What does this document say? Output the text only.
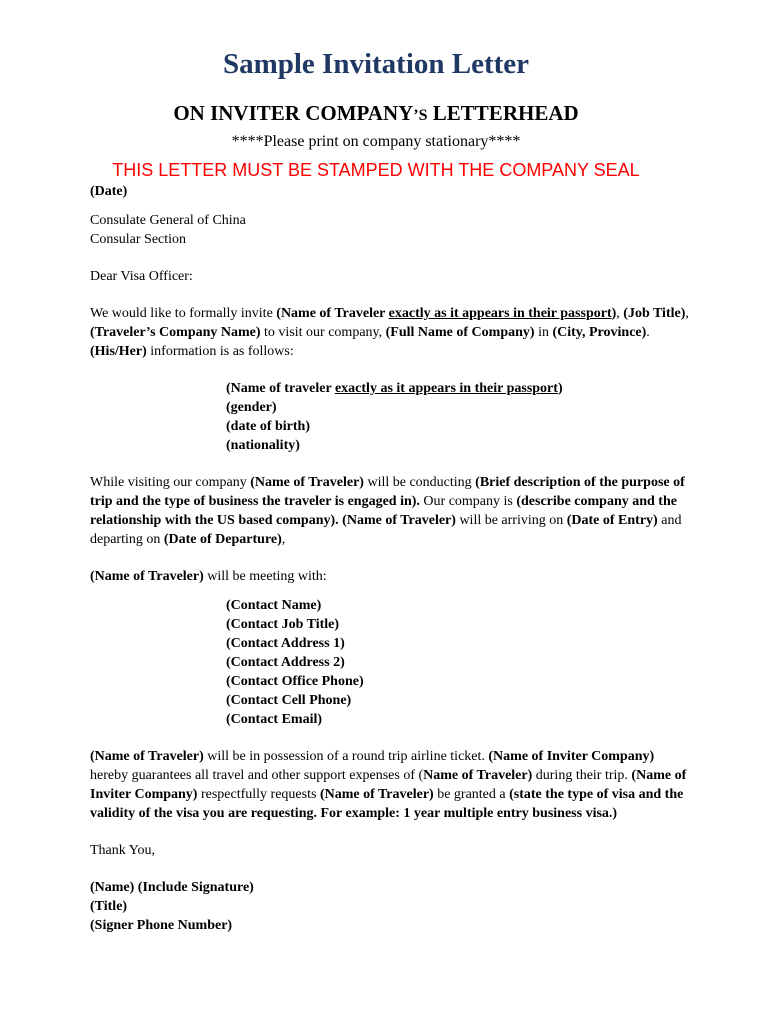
Sample Invitation Letter
ON INVITER COMPANY’S LETTERHEAD
****Please print on company stationary****
THIS LETTER MUST BE STAMPED WITH THE COMPANY SEAL

(Date)

Consulate General of China

Consular Section

Dear Visa Officer:

We would like to formally invite (Name of Traveler exactly as it appears in their passport), (Job Title), (Traveler’s Company Name) to visit our company, (Full Name of Company) in (City, Province). (His/Her) information is as follows:

(Name of traveler exactly as it appears in their passport)

(gender)

(date of birth)

(nationality)

While visiting our company (Name of Traveler) will be conducting (Brief description of the purpose of trip and the type of business the traveler is engaged in). Our company is (describe company and the relationship with the US based company). (Name of Traveler) will be arriving on (Date of Entry) and departing on (Date of Departure),

(Name of Traveler) will be meeting with:

(Contact Name)

(Contact Job Title)

(Contact Address 1)

(Contact Address 2)

(Contact Office Phone)

(Contact Cell Phone)

(Contact Email)

(Name of Traveler) will be in possession of a round trip airline ticket. (Name of Inviter Company) hereby guarantees all travel and other support expenses of (Name of Traveler) during their trip. (Name of Inviter Company) respectfully requests (Name of Traveler) be granted a (state the type of visa and the validity of the visa you are requesting. For example: 1 year multiple entry business visa.)

Thank You,

(Name) (Include Signature)

(Title)

(Signer Phone Number)
